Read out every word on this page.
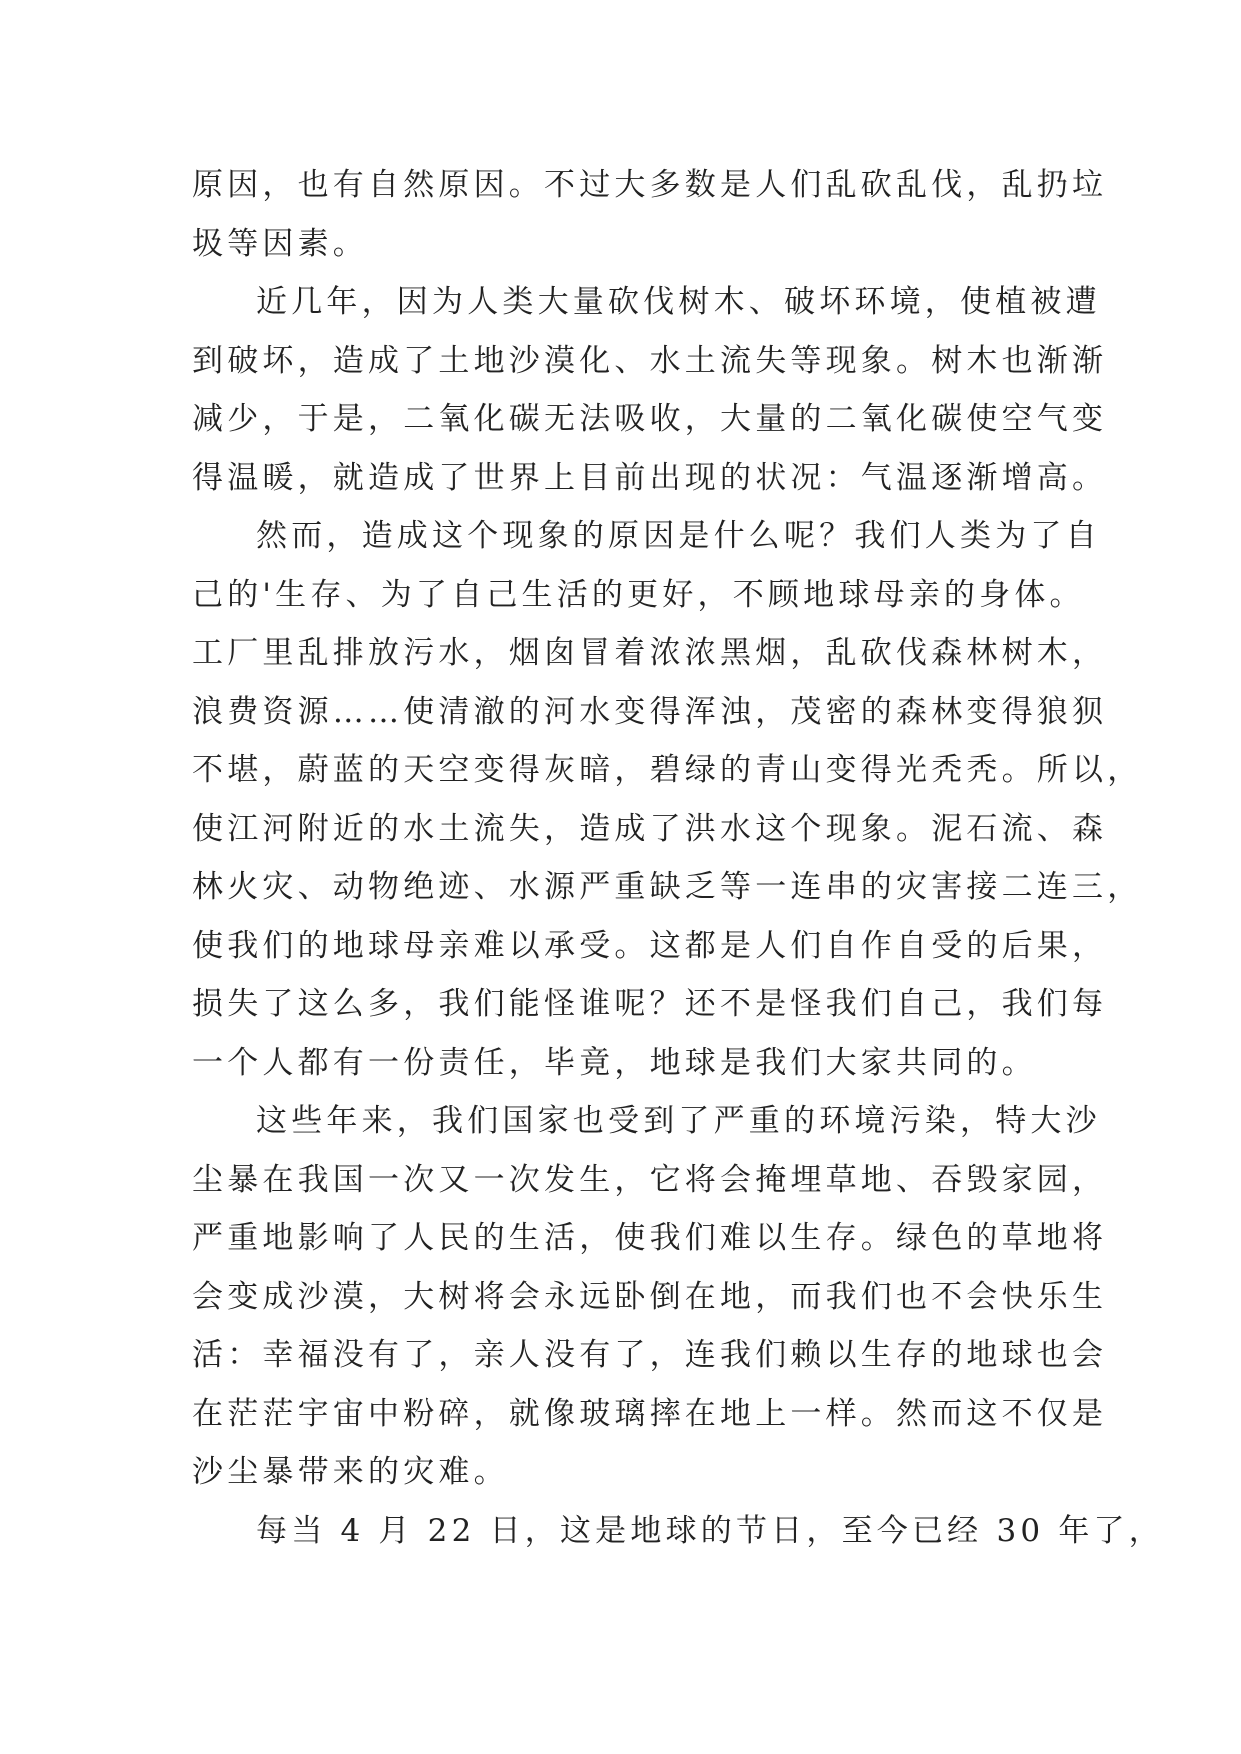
原因，也有自然原因。不过大多数是人们乱砍乱伐，乱扔垃
圾等因素。
近几年，因为人类大量砍伐树木、破坏环境，使植被遭
到破坏，造成了土地沙漠化、水土流失等现象。树木也渐渐
减少，于是，二氧化碳无法吸收，大量的二氧化碳使空气变
得温暖，就造成了世界上目前出现的状况：气温逐渐增高。
然而，造成这个现象的原因是什么呢？我们人类为了自
己的'生存、为了自己生活的更好，不顾地球母亲的身体。
工厂里乱排放污水，烟囱冒着浓浓黑烟，乱砍伐森林树木，
浪费资源……使清澈的河水变得浑浊，茂密的森林变得狼狈
不堪，蔚蓝的天空变得灰暗，碧绿的青山变得光秃秃。所以，
使江河附近的水土流失，造成了洪水这个现象。泥石流、森
林火灾、动物绝迹、水源严重缺乏等一连串的灾害接二连三，
使我们的地球母亲难以承受。这都是人们自作自受的后果，
损失了这么多，我们能怪谁呢？还不是怪我们自己，我们每
一个人都有一份责任，毕竟，地球是我们大家共同的。
这些年来，我们国家也受到了严重的环境污染，特大沙
尘暴在我国一次又一次发生，它将会掩埋草地、吞毁家园，
严重地影响了人民的生活，使我们难以生存。绿色的草地将
会变成沙漠，大树将会永远卧倒在地，而我们也不会快乐生
活：幸福没有了，亲人没有了，连我们赖以生存的地球也会
在茫茫宇宙中粉碎，就像玻璃摔在地上一样。然而这不仅是
沙尘暴带来的灾难。
每当 4 月 22 日，这是地球的节日，至今已经 30 年了，
